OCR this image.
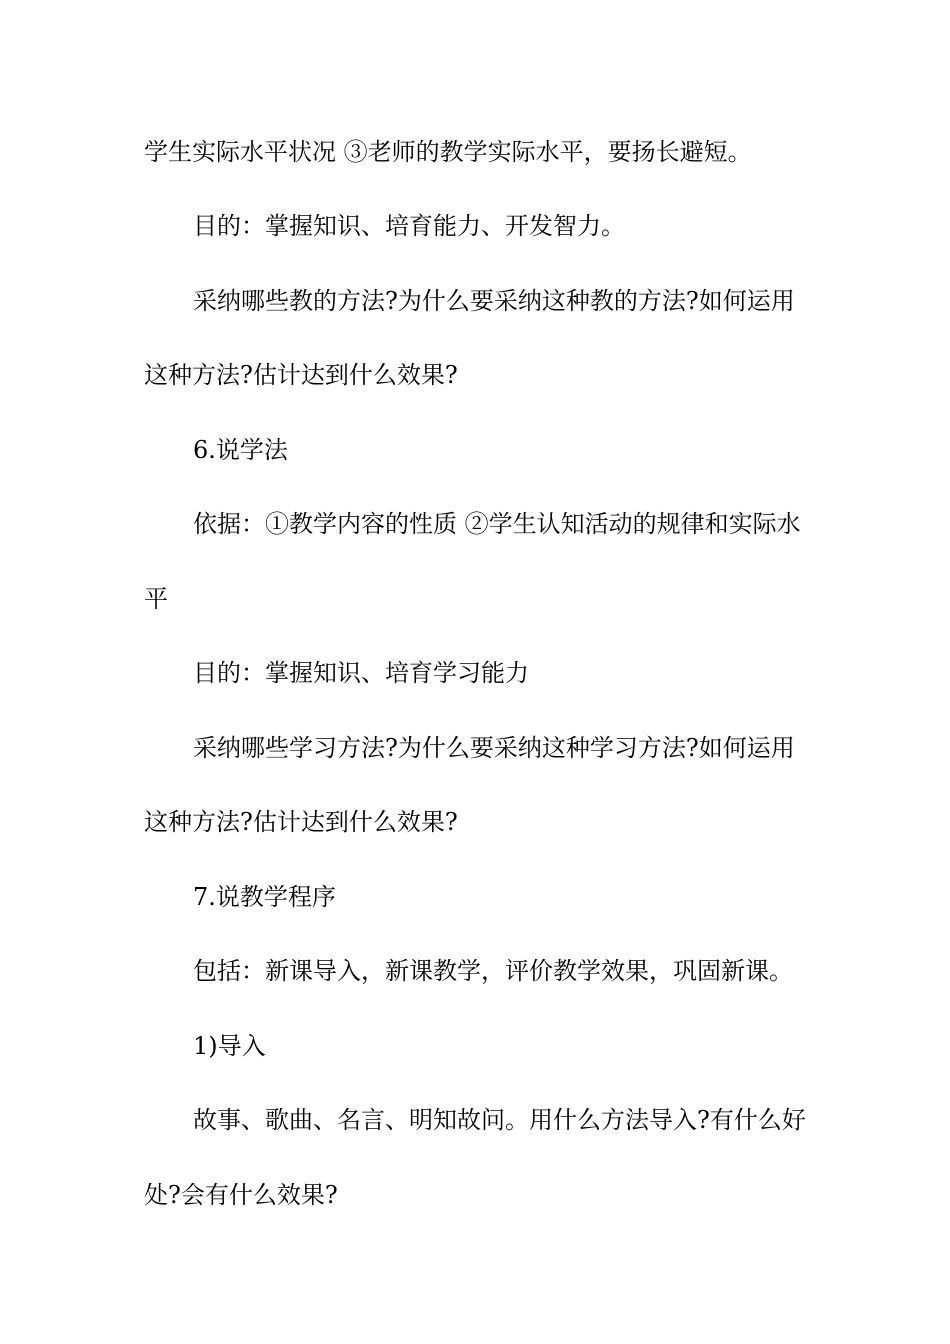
学生实际水平状况 ③老师的教学实际水平，要扬长避短。

目的：掌握知识、培育能力、开发智力。

采纳哪些教的方法?为什么要采纳这种教的方法?如何运用

这种方法?估计达到什么效果?

6.说学法

依据：①教学内容的性质 ②学生认知活动的规律和实际水

平

目的：掌握知识、培育学习能力

采纳哪些学习方法?为什么要采纳这种学习方法?如何运用

这种方法?估计达到什么效果?

7.说教学程序

包括：新课导入，新课教学，评价教学效果，巩固新课。

1)导入

故事、歌曲、名言、明知故问。用什么方法导入?有什么好

处?会有什么效果?
